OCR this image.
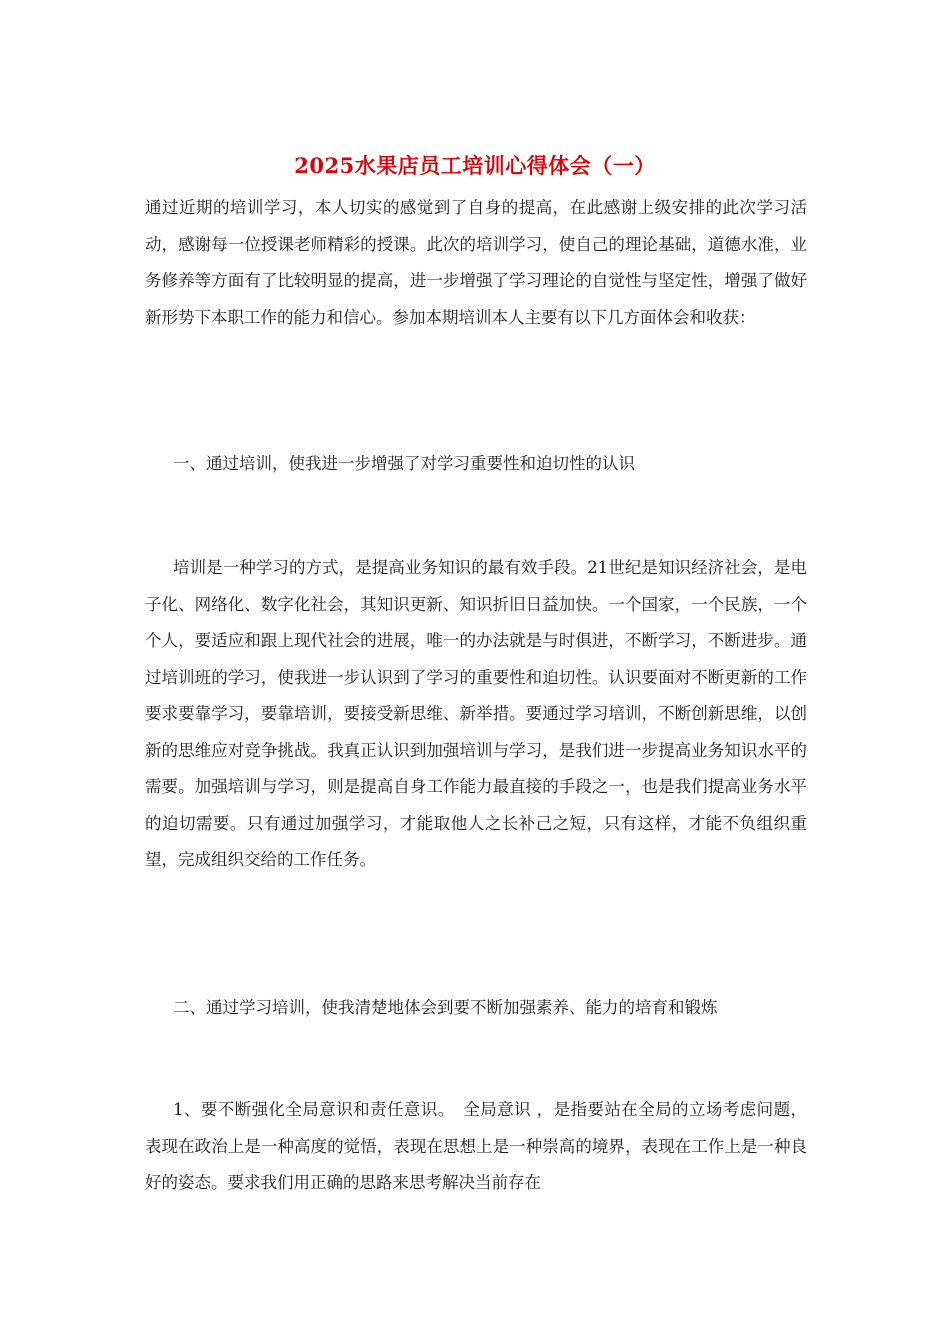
2025水果店员工培训心得体会（一）

通过近期的培训学习，本人切实的感觉到了自身的提高，在此感谢上级安排的此次学习活动，感谢每一位授课老师精彩的授课。此次的培训学习，使自己的理论基础，道德水准，业务修养等方面有了比较明显的提高，进一步增强了学习理论的自觉性与坚定性，增强了做好新形势下本职工作的能力和信心。参加本期培训本人主要有以下几方面体会和收获：

一、通过培训，使我进一步增强了对学习重要性和迫切性的认识

培训是一种学习的方式，是提高业务知识的最有效手段。21世纪是知识经济社会，是电子化、网络化、数字化社会，其知识更新、知识折旧日益加快。一个国家，一个民族，一个个人，要适应和跟上现代社会的进展，唯一的办法就是与时俱进，不断学习，不断进步。通过培训班的学习，使我进一步认识到了学习的重要性和迫切性。认识要面对不断更新的工作要求要靠学习，要靠培训，要接受新思维、新举措。要通过学习培训，不断创新思维，以创新的思维应对竞争挑战。我真正认识到加强培训与学习，是我们进一步提高业务知识水平的需要。加强培训与学习，则是提高自身工作能力最直接的手段之一，也是我们提高业务水平的迫切需要。只有通过加强学习，才能取他人之长补己之短，只有这样，才能不负组织重望，完成组织交给的工作任务。

二、通过学习培训，使我清楚地体会到要不断加强素养、能力的培育和锻炼

1、要不断强化全局意识和责任意识。　全局意识 ，是指要站在全局的立场考虑问题，表现在政治上是一种高度的觉悟，表现在思想上是一种崇高的境界，表现在工作上是一种良好的姿态。要求我们用正确的思路来思考解决当前存在
